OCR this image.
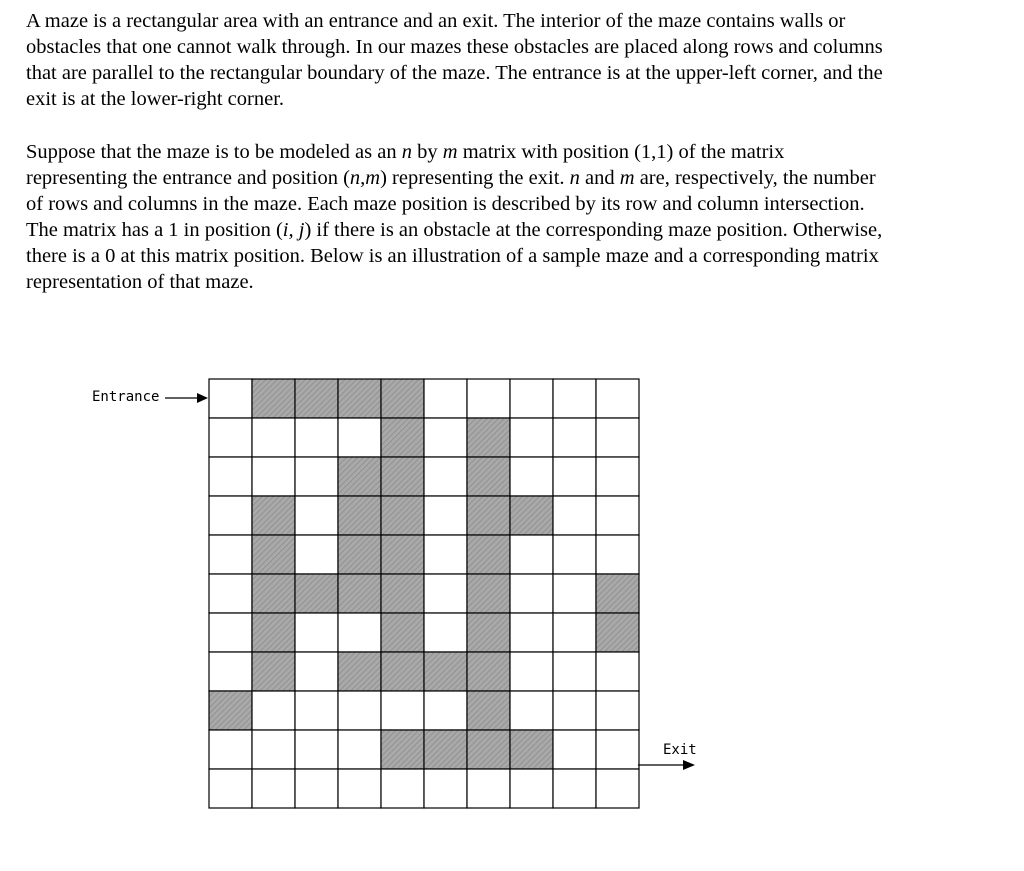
A maze is a rectangular area with an entrance and an exit. The interior of the maze contains walls or
obstacles that one cannot walk through. In our mazes these obstacles are placed along rows and columns
that are parallel to the rectangular boundary of the maze. The entrance is at the upper-left corner, and the
exit is at the lower-right corner.
Suppose that the maze is to be modeled as an n by m matrix with position (1,1) of the matrix
representing the entrance and position (n,m) representing the exit. n and m are, respectively, the number
of rows and columns in the maze. Each maze position is described by its row and column intersection.
The matrix has a 1 in position (i, j) if there is an obstacle at the corresponding maze position. Otherwise,
there is a 0 at this matrix position. Below is an illustration of a sample maze and a corresponding matrix
representation of that maze.
Entrance
Exit
